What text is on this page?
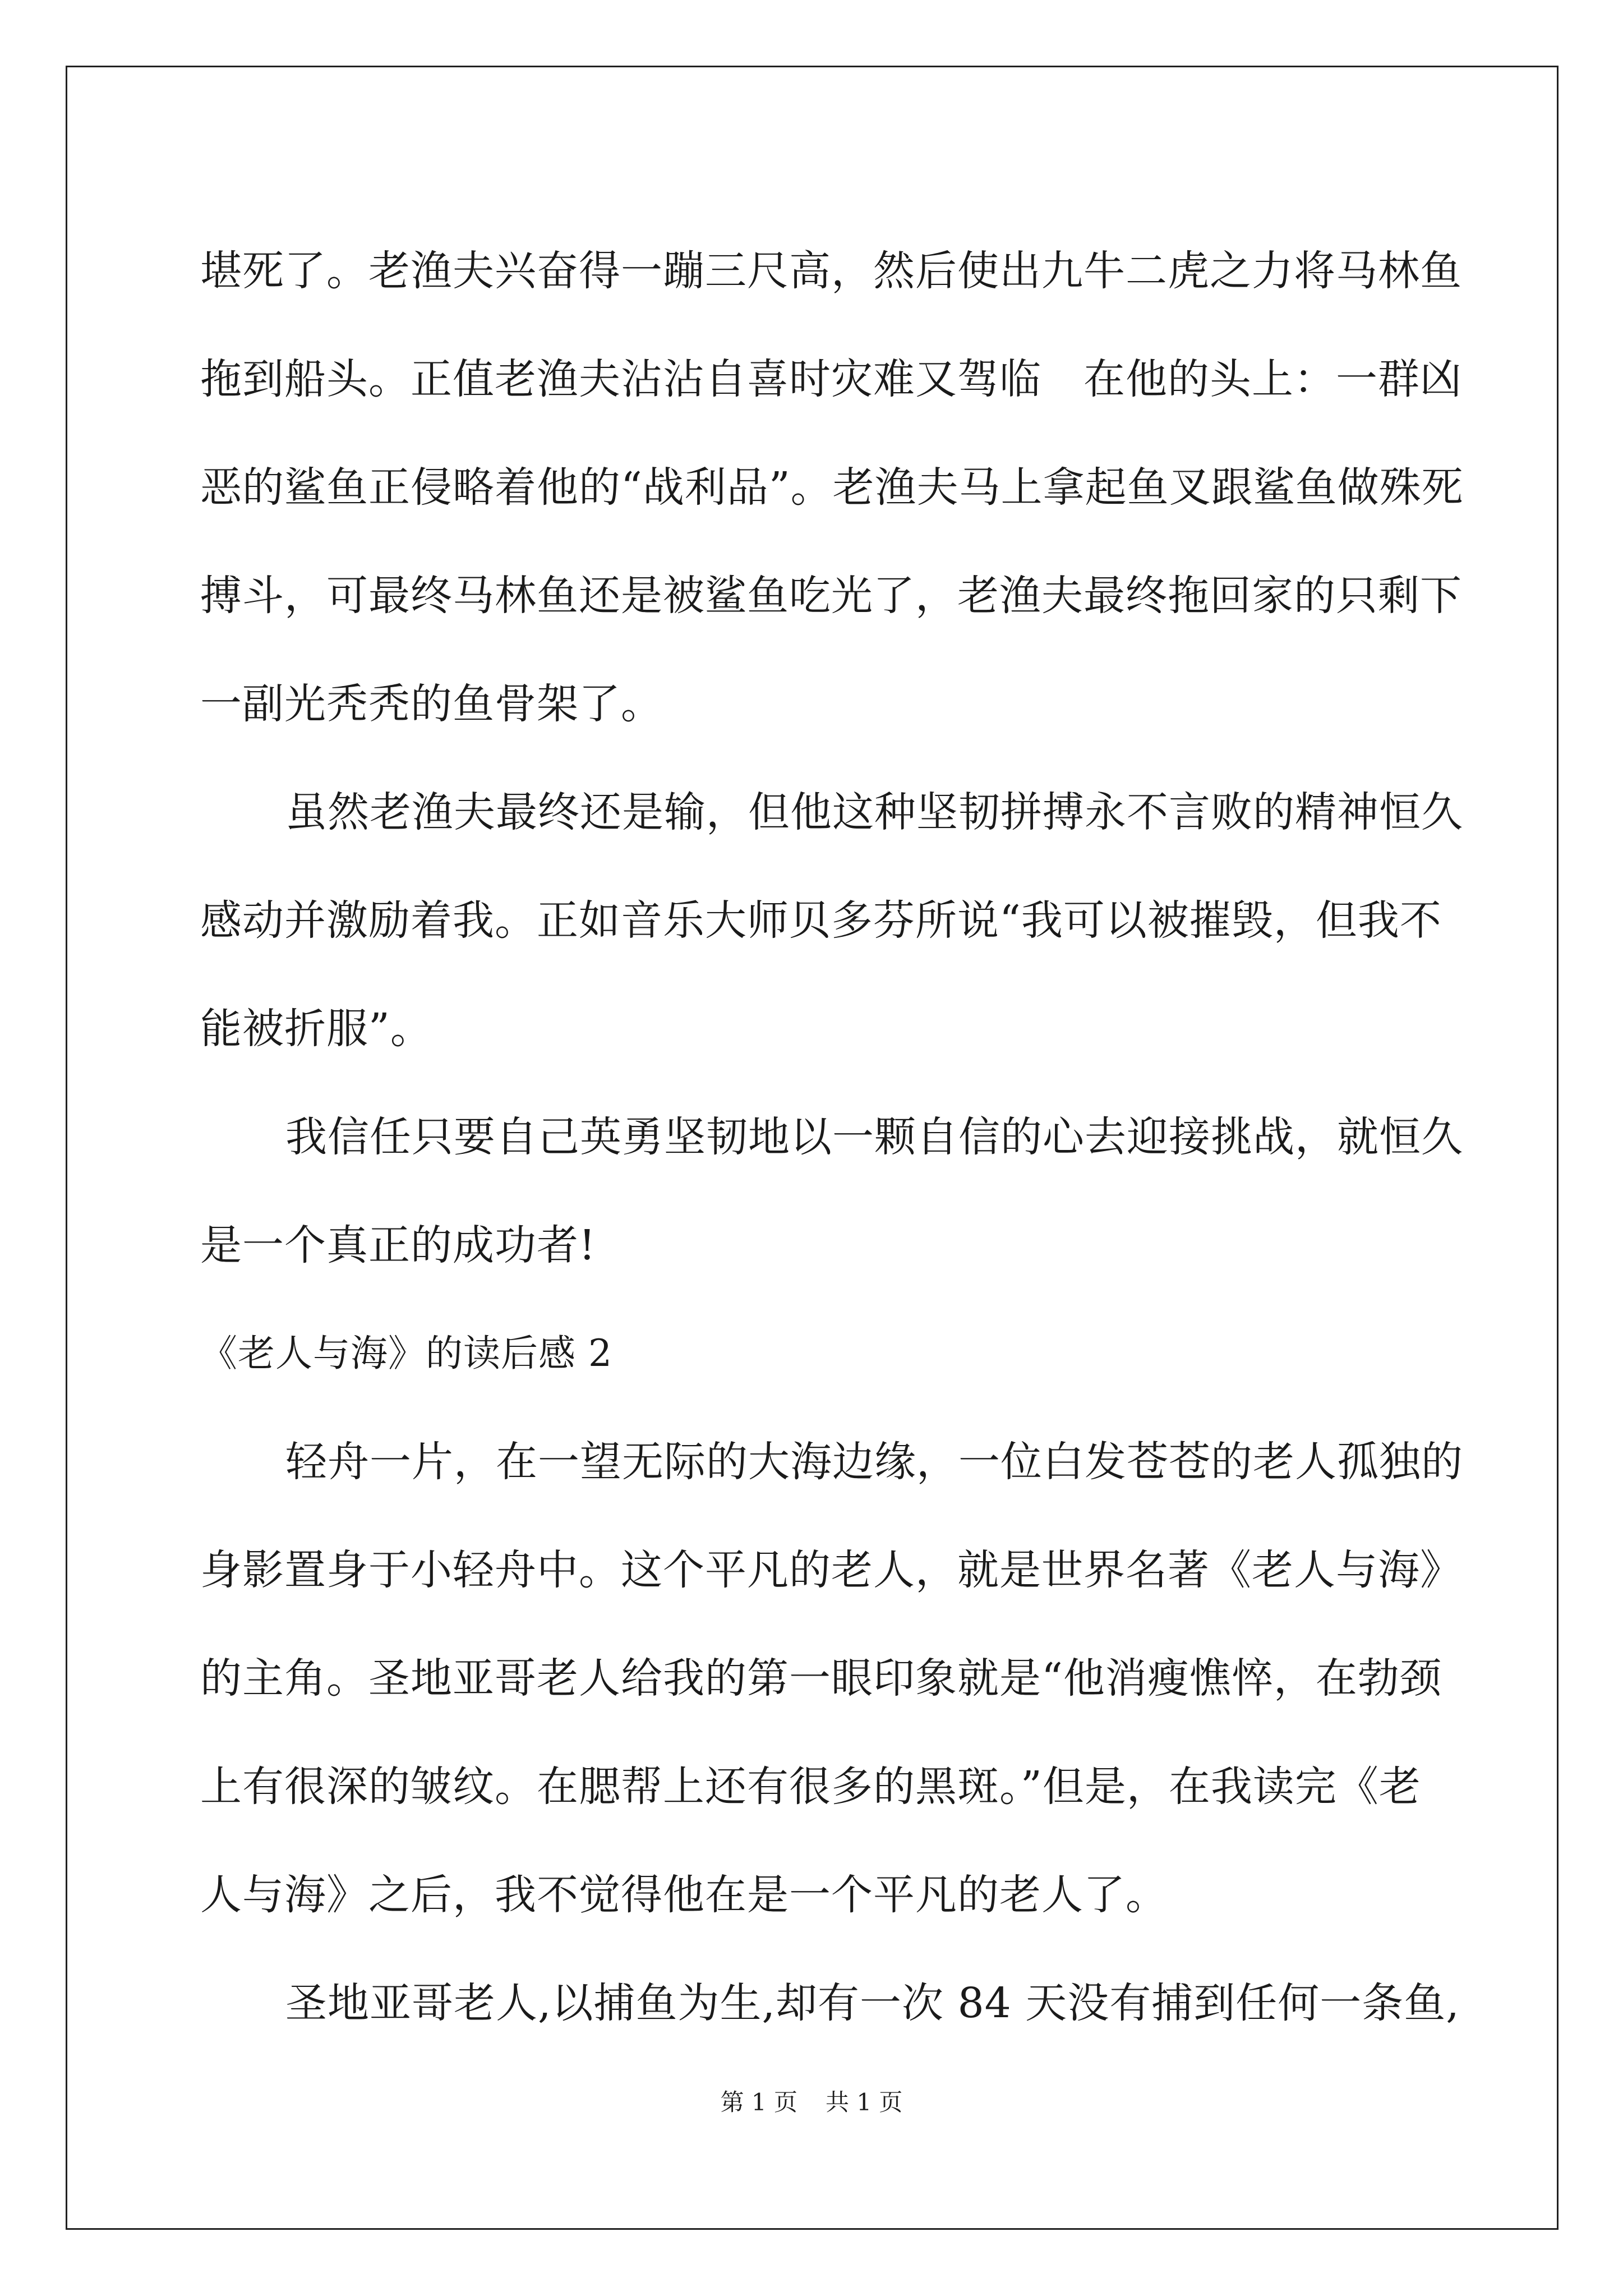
堪死了。老渔夫兴奋得一蹦三尺高，然后使出九牛二虎之力将马林鱼
拖到船头。正值老渔夫沾沾自喜时灾难又驾临　在他的头上：一群凶
恶的鲨鱼正侵略着他的“战利品”。老渔夫马上拿起鱼叉跟鲨鱼做殊死
搏斗，可最终马林鱼还是被鲨鱼吃光了，老渔夫最终拖回家的只剩下
一副光秃秃的鱼骨架了。
虽然老渔夫最终还是输，但他这种坚韧拼搏永不言败的精神恒久
感动并激励着我。正如音乐大师贝多芬所说“我可以被摧毁，但我不
能被折服”。
我信任只要自己英勇坚韧地以一颗自信的心去迎接挑战，就恒久
是一个真正的成功者!
《老人与海》的读后感 2
轻舟一片，在一望无际的大海边缘，一位白发苍苍的老人孤独的
身影置身于小轻舟中。这个平凡的老人，就是世界名著《老人与海》
的主角。圣地亚哥老人给我的第一眼印象就是“他消瘦憔悴，在勃颈
上有很深的皱纹。在腮帮上还有很多的黑斑。”但是，在我读完《老
人与海》之后，我不觉得他在是一个平凡的老人了。
圣地亚哥老人,以捕鱼为生,却有一次 84 天没有捕到任何一条鱼,
第 1 页 共 1 页
